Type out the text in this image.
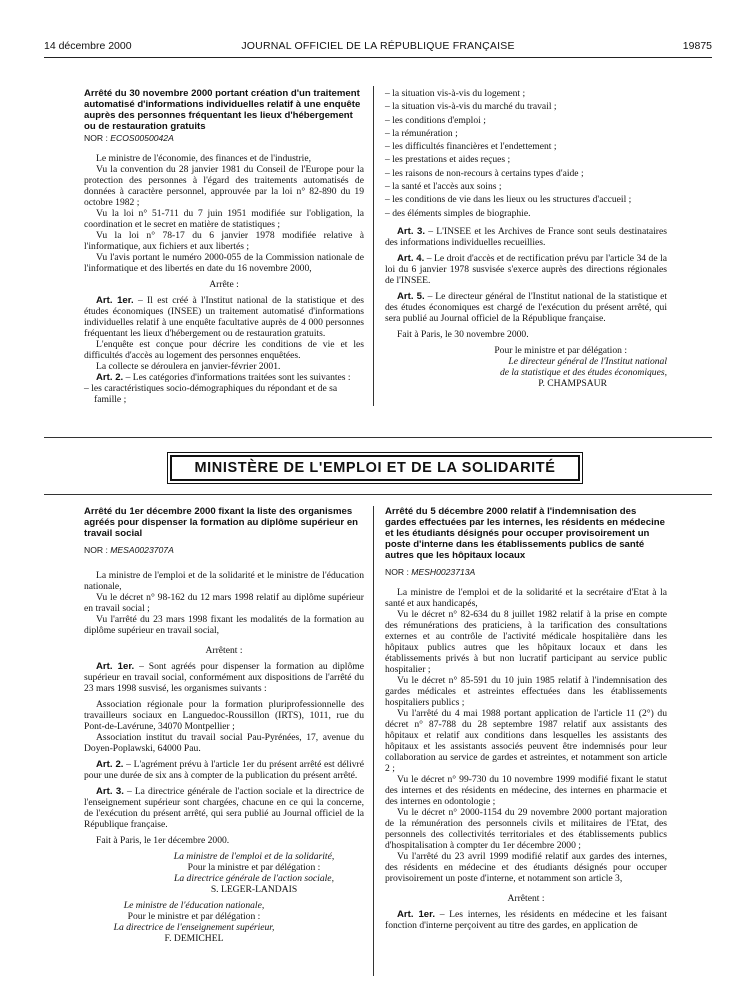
14 décembre 2000	JOURNAL OFFICIEL DE LA RÉPUBLIQUE FRANÇAISE	19875

Arrêté du 30 novembre 2000 portant création d'un traitement automatisé d'informations individuelles relatif à une enquête auprès des personnes fréquentant les lieux d'hébergement ou de restauration gratuits

NOR : ECOS0050042A

Le ministre de l'économie, des finances et de l'industrie,

Vu la convention du 28 janvier 1981 du Conseil de l'Europe pour la protection des personnes à l'égard des traitements automatisés de données à caractère personnel, approuvée par la loi n° 82-890 du 19 octobre 1982 ;

Vu la loi n° 51-711 du 7 juin 1951 modifiée sur l'obligation, la coordination et le secret en matière de statistiques ;

Vu la loi n° 78-17 du 6 janvier 1978 modifiée relative à l'informatique, aux fichiers et aux libertés ;

Vu l'avis portant le numéro 2000-055 de la Commission nationale de l'informatique et des libertés en date du 16 novembre 2000,

Arrête :

Art. 1er. – Il est créé à l'Institut national de la statistique et des études économiques (INSEE) un traitement automatisé d'informations individuelles relatif à une enquête facultative auprès de 4 000 personnes fréquentant les lieux d'hébergement ou de restauration gratuits.

L'enquête est conçue pour décrire les conditions de vie et les difficultés d'accès au logement des personnes enquêtées.

La collecte se déroulera en janvier-février 2001.

Art. 2. – Les catégories d'informations traitées sont les suivantes :

– les caractéristiques socio-démographiques du répondant et de sa famille ;
– la situation vis-à-vis du logement ;
– la situation vis-à-vis du marché du travail ;
– les conditions d'emploi ;
– la rémunération ;
– les difficultés financières et l'endettement ;
– les prestations et aides reçues ;
– les raisons de non-recours à certains types d'aide ;
– la santé et l'accès aux soins ;
– les conditions de vie dans les lieux ou les structures d'accueil ;
– des éléments simples de biographie.

Art. 3. – L'INSEE et les Archives de France sont seuls destinataires des informations individuelles recueillies.

Art. 4. – Le droit d'accès et de rectification prévu par l'article 34 de la loi du 6 janvier 1978 susvisée s'exerce auprès des directions régionales de l'INSEE.

Art. 5. – Le directeur général de l'Institut national de la statistique et des études économiques est chargé de l'exécution du présent arrêté, qui sera publié au Journal officiel de la République française.

Fait à Paris, le 30 novembre 2000.

Pour le ministre et par délégation :

Le directeur général de l'Institut national

de la statistique et des études économiques,

P. CHAMPSAUR

MINISTÈRE DE L'EMPLOI ET DE LA SOLIDARITÉ

Arrêté du 1er décembre 2000 fixant la liste des organismes agréés pour dispenser la formation au diplôme supérieur en travail social

NOR : MESA0023707A

La ministre de l'emploi et de la solidarité et le ministre de l'éducation nationale,

Vu le décret n° 98-162 du 12 mars 1998 relatif au diplôme supérieur en travail social ;

Vu l'arrêté du 23 mars 1998 fixant les modalités de la formation au diplôme supérieur en travail social,

Arrêtent :

Art. 1er. – Sont agréés pour dispenser la formation au diplôme supérieur en travail social, conformément aux dispositions de l'arrêté du 23 mars 1998 susvisé, les organismes suivants :

Association régionale pour la formation pluriprofessionnelle des travailleurs sociaux en Languedoc-Roussillon (IRTS), 1011, rue du Pont-de-Lavérune, 34070 Montpellier ;

Association institut du travail social Pau-Pyrénées, 17, avenue du Doyen-Poplawski, 64000 Pau.

Art. 2. – L'agrément prévu à l'article 1er du présent arrêté est délivré pour une durée de six ans à compter de la publication du présent arrêté.

Art. 3. – La directrice générale de l'action sociale et la directrice de l'enseignement supérieur sont chargées, chacune en ce qui la concerne, de l'exécution du présent arrêté, qui sera publié au Journal officiel de la République française.

Fait à Paris, le 1er décembre 2000.

La ministre de l'emploi et de la solidarité,

Pour la ministre et par délégation :

La directrice générale de l'action sociale,

S. LEGER-LANDAIS

Le ministre de l'éducation nationale,

Pour le ministre et par délégation :

La directrice de l'enseignement supérieur,

F. DEMICHEL

Arrêté du 5 décembre 2000 relatif à l'indemnisation des gardes effectuées par les internes, les résidents en médecine et les étudiants désignés pour occuper provisoirement un poste d'interne dans les établissements publics de santé autres que les hôpitaux locaux

NOR : MESH0023713A

La ministre de l'emploi et de la solidarité et la secrétaire d'Etat à la santé et aux handicapés,

Vu le décret n° 82-634 du 8 juillet 1982 relatif à la prise en compte des rémunérations des praticiens, à la tarification des consultations externes et au contrôle de l'activité médicale hospitalière dans les hôpitaux publics autres que les hôpitaux locaux et dans les établissements privés à but non lucratif participant au service public hospitalier ;

Vu le décret n° 85-591 du 10 juin 1985 relatif à l'indemnisation des gardes médicales et astreintes effectuées dans les établissements hospitaliers publics ;

Vu l'arrêté du 4 mai 1988 portant application de l'article 11 (2°) du décret n° 87-788 du 28 septembre 1987 relatif aux assistants des hôpitaux et relatif aux conditions dans lesquelles les assistants des hôpitaux et les assistants associés peuvent être indemnisés pour leur collaboration au service de gardes et astreintes, et notamment son article 2 ;

Vu le décret n° 99-730 du 10 novembre 1999 modifié fixant le statut des internes et des résidents en médecine, des internes en pharmacie et des internes en odontologie ;

Vu le décret n° 2000-1154 du 29 novembre 2000 portant majoration de la rémunération des personnels civils et militaires de l'Etat, des personnels des collectivités territoriales et des établissements publics d'hospitalisation à compter du 1er décembre 2000 ;

Vu l'arrêté du 23 avril 1999 modifié relatif aux gardes des internes, des résidents en médecine et des étudiants désignés pour occuper provisoirement un poste d'interne, et notamment son article 3,

Arrêtent :

Art. 1er. – Les internes, les résidents en médecine et les faisant fonction d'interne perçoivent au titre des gardes, en application de
